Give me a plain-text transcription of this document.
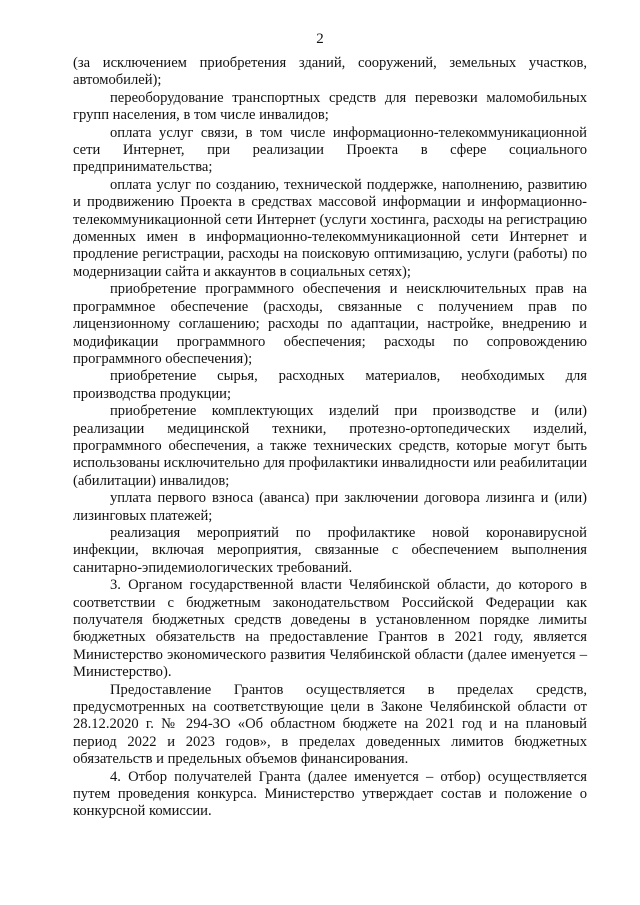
2

(за исключением приобретения зданий, сооружений, земельных участков, автомобилей);

переоборудование транспортных средств для перевозки маломобильных групп населения, в том числе инвалидов;

оплата услуг связи, в том числе информационно-телекоммуникационной сети Интернет, при реализации Проекта в сфере социального предпринимательства;

оплата услуг по созданию, технической поддержке, наполнению, развитию и продвижению Проекта в средствах массовой информации и информационно-телекоммуникационной сети Интернет (услуги хостинга, расходы на регистрацию доменных имен в информационно-телекоммуникационной сети Интернет и продление регистрации, расходы на поисковую оптимизацию, услуги (работы) по модернизации сайта и аккаунтов в социальных сетях);

приобретение программного обеспечения и неисключительных прав на программное обеспечение (расходы, связанные с получением прав по лицензионному соглашению; расходы по адаптации, настройке, внедрению и модификации программного обеспечения; расходы по сопровождению программного обеспечения);

приобретение сырья, расходных материалов, необходимых для производства продукции;

приобретение комплектующих изделий при производстве и (или) реализации медицинской техники, протезно-ортопедических изделий, программного обеспечения, а также технических средств, которые могут быть использованы исключительно для профилактики инвалидности или реабилитации (абилитации) инвалидов;

уплата первого взноса (аванса) при заключении договора лизинга и (или) лизинговых платежей;

реализация мероприятий по профилактике новой коронавирусной инфекции, включая мероприятия, связанные с обеспечением выполнения санитарно-эпидемиологических требований.

3. Органом государственной власти Челябинской области, до которого в соответствии с бюджетным законодательством Российской Федерации как получателя бюджетных средств доведены в установленном порядке лимиты бюджетных обязательств на предоставление Грантов в 2021 году, является Министерство экономического развития Челябинской области (далее именуется – Министерство).

Предоставление Грантов осуществляется в пределах средств, предусмотренных на соответствующие цели в Законе Челябинской области от 28.12.2020 г. № 294-ЗО «Об областном бюджете на 2021 год и на плановый период 2022 и 2023 годов», в пределах доведенных лимитов бюджетных обязательств и предельных объемов финансирования.

4. Отбор получателей Гранта (далее именуется – отбор) осуществляется путем проведения конкурса. Министерство утверждает состав и положение о конкурсной комиссии.
